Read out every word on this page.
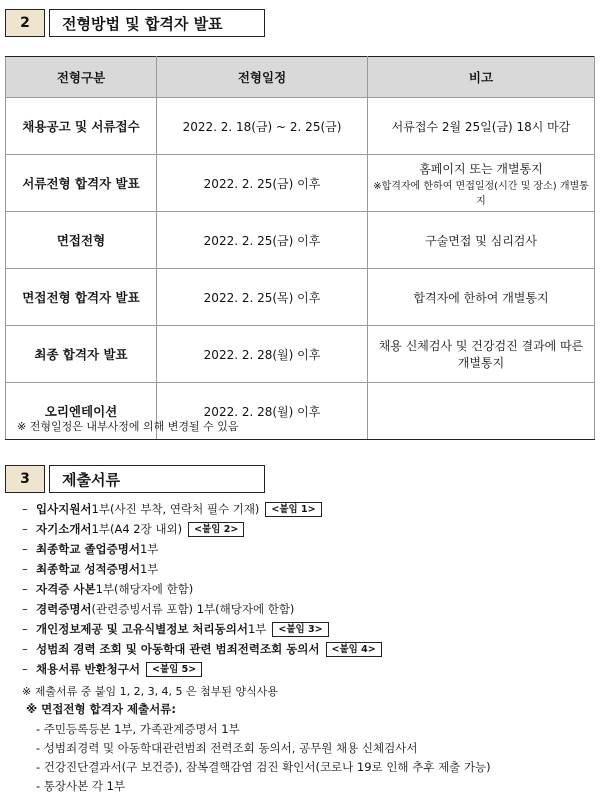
2	전형방법 및 합격자 발표
전형구분	전형일정	비고
채용공고 및 서류접수	2022. 2. 18(금) ~ 2. 25(금)	서류접수 2월 25일(금) 18시 마감

서류전형 합격자 발표	2022. 2. 25(금) 이후	홈페이지 또는 개별통지
※합격자에 한하여 면접일정(시간 및 장소) 개별통지

면접전형	2022. 2. 25(금) 이후	구술면접 및 심리검사

면접전형 합격자 발표	2022. 2. 25(목) 이후	합격자에 한하여 개별통지

최종 합격자 발표	2022. 2. 28(월) 이후	채용 신체검사 및 건강검진 결과에 따른 개별통지

오리엔테이션	2022. 2. 28(월) 이후	
※ 전형일정은 내부사정에 의해 변경될 수 있음
3	제출서류
– 입사지원서 1부(사진 부착, 연락처 필수 기재)	<붙임 1>
– 자기소개서 1부(A4 2장 내외)	<붙임 2>
– 최종학교 졸업증명서 1부
– 최종학교 성적증명서 1부
– 자격증 사본 1부(해당자에 한함)
– 경력증명서 (관련증빙서류 포함) 1부(해당자에 한함)
– 개인정보제공 및 고유식별정보 처리동의서 1부	<붙임 3>
– 성범죄 경력 조회 및 아동학대 관련 범죄전력조회 동의서	<붙임 4>
– 채용서류 반환청구서	<붙임 5>
※ 제출서류 중 붙임 1, 2, 3, 4, 5 은 첨부된 양식사용
※ 면접전형 합격자 제출서류:
- 주민등록등본 1부, 가족관계증명서 1부
- 성범죄경력 및 아동학대관련범죄 전력조회 동의서, 공무원 채용 신체검사서
- 건강진단결과서(구 보건증), 잠복결핵감염 검진 확인서(코로나 19로 인해 추후 제출 가능)
- 통장사본 각 1부
